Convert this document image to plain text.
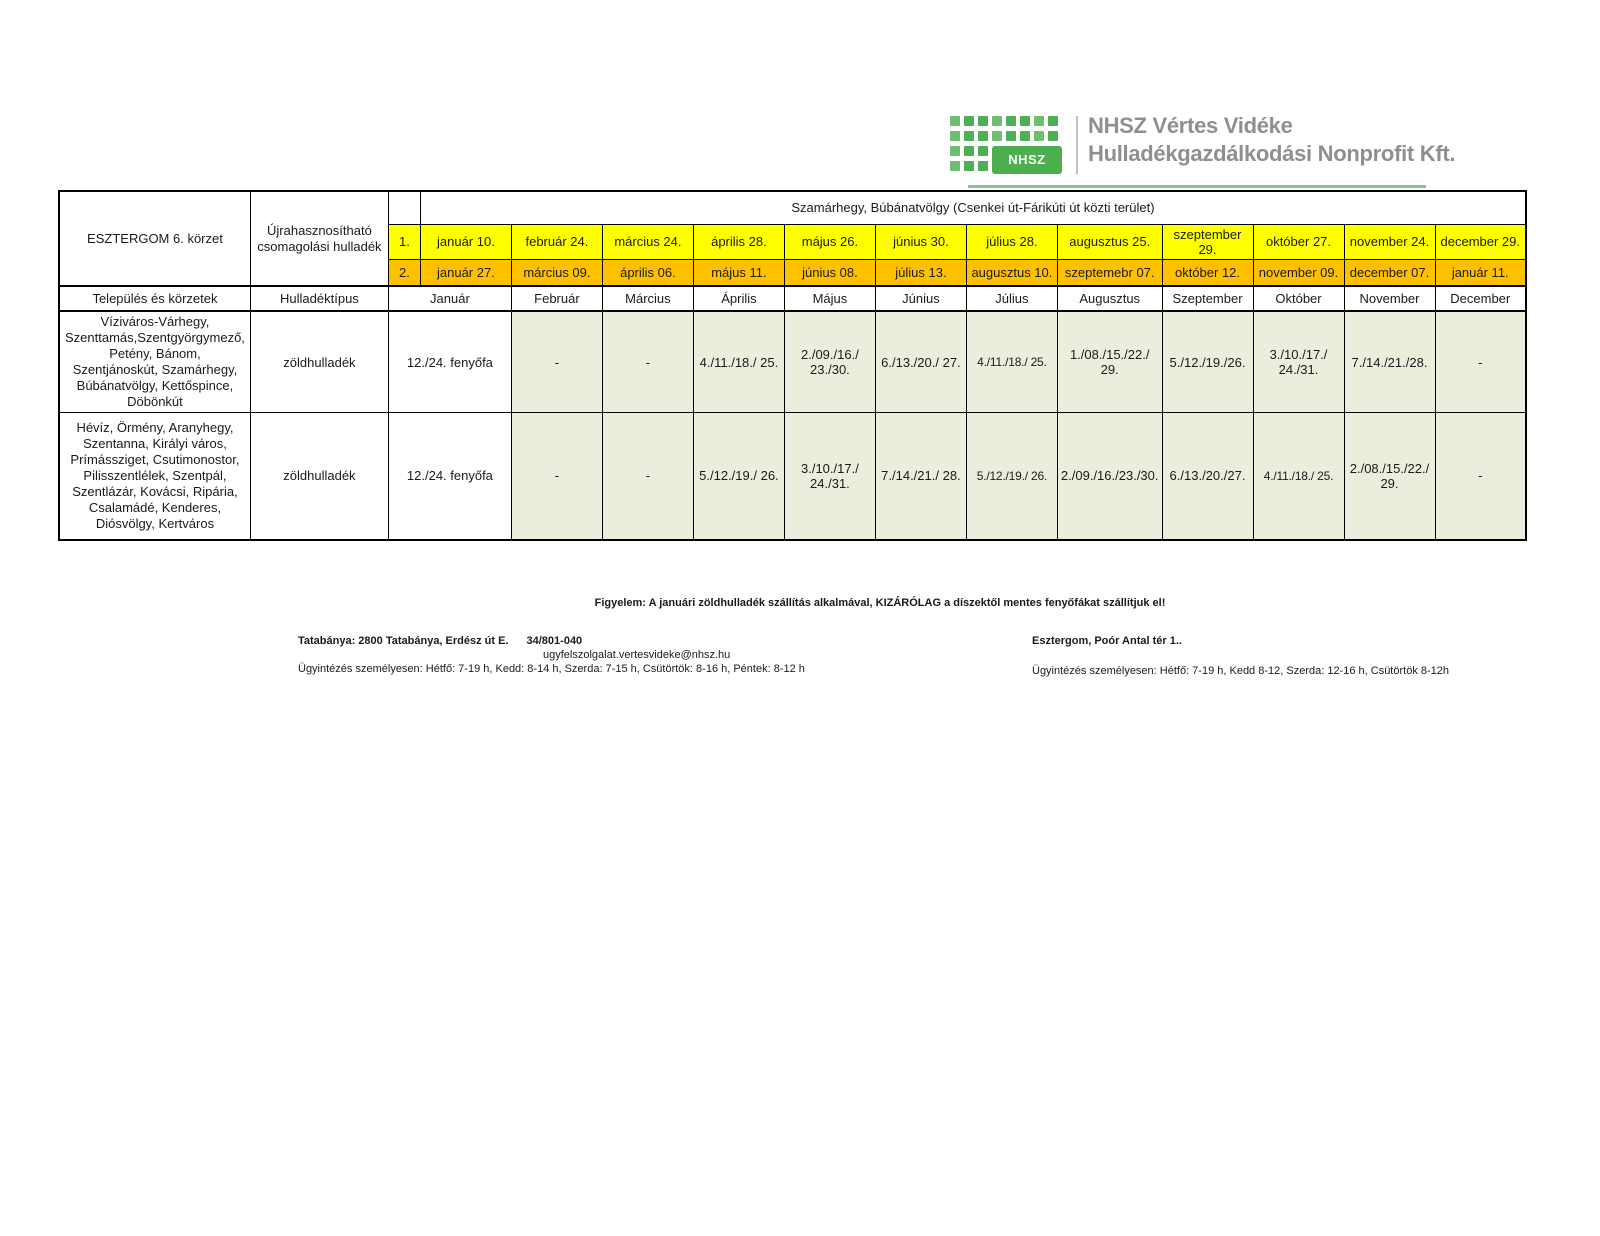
NHSZ
NHSZ Vértes Vidéke
Hulladékgazdálkodási Nonprofit Kft.
ESZTERGOM 6. körzet	Újrahasznosítható csomagolási hulladék		Szamárhegy, Búbánatvölgy (Csenkei út-Fárikúti út közti terület)											
		1.	január 10.	február 24.	március 24.	április 28.	május 26.	június 30.	július 28.	augusztus 25.	szeptember 29.	október 27.	november 24.	december 29.
		2.	január 27.	március 09.	április 06.	május 11.	június 08.	július 13.	augusztus 10.	szeptemebr 07.	október 12.	november 09.	december 07.	január 11.
Település és körzetek	Hulladéktípus	Január		Február	Március	Április	Május	Június	Július	Augusztus	Szeptember	Október	November	December
Víziváros-Várhegy, Szenttamás,Szentgyörgymező, Petény, Bánom, Szentjánoskút, Szamárhegy, Búbánatvölgy, Kettőspince, Döbönkút	zöldhulladék	12./24. fenyőfa		-	-	4./11./18./ 25.	2./09./16./ 23./30.	6./13./20./ 27.	4./11./18./ 25.	1./08./15./22./ 29.	5./12./19./26.	3./10./17./ 24./31.	7./14./21./28.	-
Hévíz, Örmény, Aranyhegy, Szentanna, Királyi város, Prímássziget, Csutimonostor, Pilisszentlélek, Szentpál, Szentlázár, Kovácsi, Ripária, Csalamádé, Kenderes, Diósvölgy, Kertváros	zöldhulladék	12./24. fenyőfa		-	-	5./12./19./ 26.	3./10./17./ 24./31.	7./14./21./ 28.	5./12./19./ 26.	2./09./16./23./30.	6./13./20./27.	4./11./18./ 25.	2./08./15./22./ 29.	-
Figyelem: A januári zöldhulladék szállítás alkalmával, KIZÁRÓLAG a díszektől mentes fenyőfákat szállítjuk el!
Tatabánya: 2800 Tatabánya, Erdész út E. 34/801-040
ugyfelszolgalat.vertesvideke@nhsz.hu
Ügyintézés személyesen: Hétfő: 7-19 h, Kedd: 8-14 h, Szerda: 7-15 h, Csütörtök: 8-16 h, Péntek: 8-12 h
Esztergom, Poór Antal tér 1..
Ügyintézés személyesen: Hétfő: 7-19 h, Kedd 8-12, Szerda: 12-16 h, Csütörtök 8-12h
